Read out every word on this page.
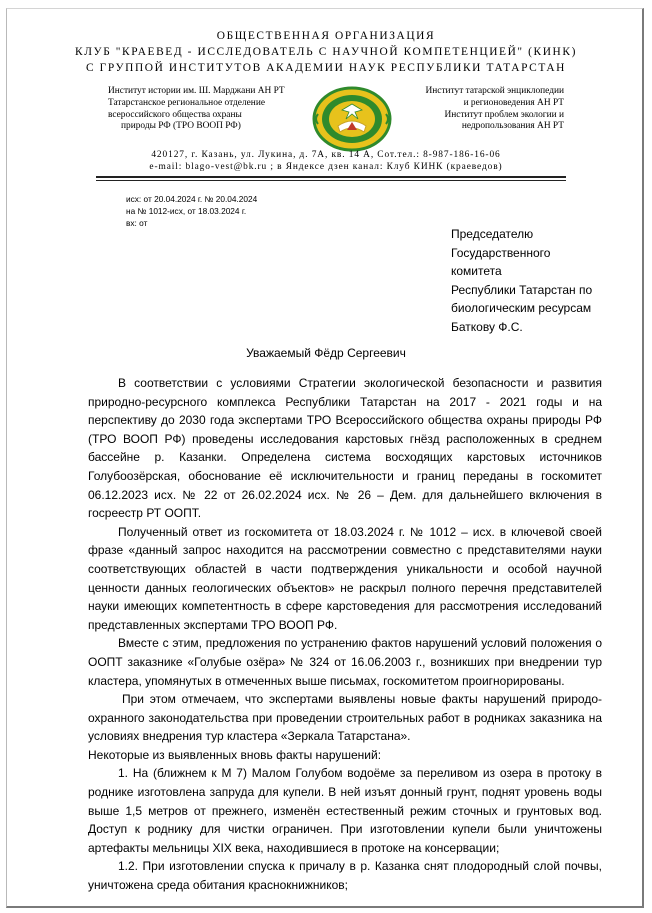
ОБЩЕСТВЕННАЯ ОРГАНИЗАЦИЯ
КЛУБ "КРАЕВЕД - ИССЛЕДОВАТЕЛЬ С НАУЧНОЙ КОМПЕТЕНЦИЕЙ" (КИНК)
С ГРУППОЙ ИНСТИТУТОВ АКАДЕМИИ НАУК РЕСПУБЛИКИ ТАТАРСТАН
Институт истории им. Ш. Марджани АН РТ
Татарстанское региональное отделение
всероссийского общества охраны
природы РФ (ТРО ВООП РФ)
Институт татарской энциклопедии
и регионоведения АН РТ
Институт проблем экологии и
недропользования АН РТ
420127, г. Казань, ул. Лукина, д. 7А, кв. 14 А, Сот.тел.: 8-987-186-16-06
e-mail: blago-vest@bk.ru ; в Яндексе дзен канал: Клуб КИНК (краеведов)
исх: от 20.04.2024 г. № 20.04.2024
на № 1012-исх, от 18.03.2024 г.
вх: от
Председателю
Государственного комитета
Республики Татарстан по
биологическим ресурсам
Баткову Ф.С.
Уважаемый Фёдр Сергеевич

В соответствии с условиями Стратегии экологической безопасности и развития природно-ресурсного комплекса Республики Татарстан на 2017 - 2021 годы и на перспективу до 2030 года экспертами ТРО Всероссийского общества охраны природы РФ (ТРО ВООП РФ) проведены исследования карстовых гнёзд расположенных в среднем бассейне р. Казанки. Определена система восходящих карстовых источников Голубоозёрская, обоснование её исключительности и границ переданы в госкомитет 06.12.2023 исх. № 22 от 26.02.2024 исх. № 26 – Дем. для дальнейшего включения в госреестр РТ ООПТ.

Полученный ответ из госкомитета от 18.03.2024 г. № 1012 – исх. в ключевой своей фразе «данный запрос находится на рассмотрении совместно с представителями науки соответствующих областей в части подтверждения уникальности и особой научной ценности данных геологических объектов» не раскрыл полного перечня представителей науки имеющих компетентность в сфере карстоведения для рассмотрения исследований представленных экспертами ТРО ВООП РФ.

Вместе с этим, предложения по устранению фактов нарушений условий положения о ООПТ заказнике «Голубые озёра» № 324 от 16.06.2003 г., возникших при внедрении тур кластера, упомянутых в отмеченных выше письмах, госкомитетом проигнорированы.

При этом отмечаем, что экспертами выявлены новые факты нарушений природо-охранного законодательства при проведении строительных работ в родниках заказника на условиях внедрения тур кластера «Зеркала Татарстана».

Некоторые из выявленных вновь факты нарушений:

1. На (ближнем к М 7) Малом Голубом водоёме за переливом из озера в протоку в роднике изготовлена запруда для купели. В ней изъят донный грунт, поднят уровень воды выше 1,5 метров от прежнего, изменён естественный режим сточных и грунтовых вод. Доступ к роднику для чистки ограничен. При изготовлении купели были уничтожены артефакты мельницы XIX века, находившиеся в протоке на консервации;

1.2. При изготовлении спуска к причалу в р. Казанка снят плодородный слой почвы, уничтожена среда обитания краснокнижников;
